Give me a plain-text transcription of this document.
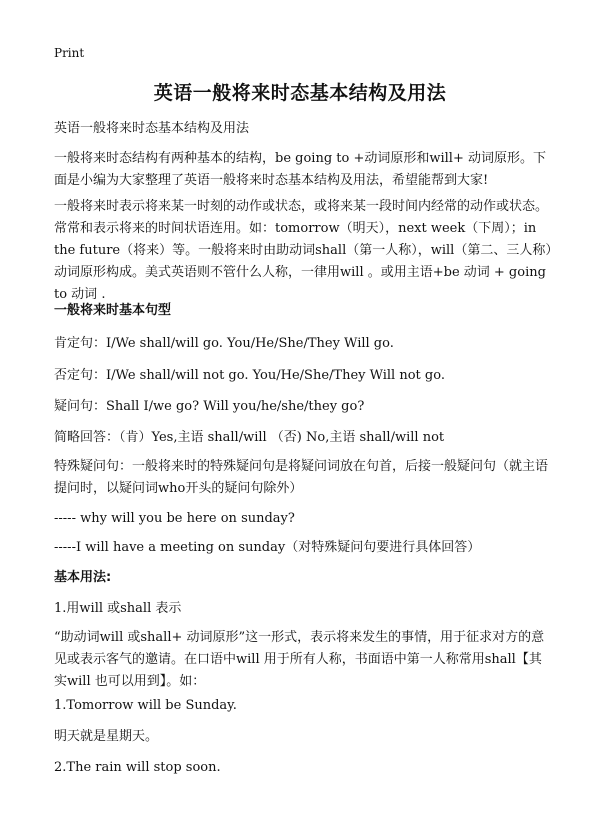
Print
英语一般将来时态基本结构及用法
英语一般将来时态基本结构及用法
一般将来时态结构有两种基本的结构，be going to +动词原形和will+ 动词原形。下面是小编为大家整理了英语一般将来时态基本结构及用法，希望能帮到大家!
一般将来时表示将来某一时刻的动作或状态，或将来某一段时间内经常的动作或状态。常常和表示将来的时间状语连用。如：tomorrow（明天），next week（下周）；in the future（将来）等。一般将来时由助动词shall（第一人称），will（第二、三人称）动词原形构成。美式英语则不管什么人称，一律用will 。或用主语+be 动词 + going to 动词 .
一般将来时基本句型
肯定句：I/We shall/will go. You/He/She/They Will go.
否定句：I/We shall/will not go. You/He/She/They Will not go.
疑问句：Shall I/we go? Will you/he/she/they go?
简略回答：（肯）Yes,主语 shall/will （否) No,主语 shall/will not
特殊疑问句：一般将来时的特殊疑问句是将疑问词放在句首，后接一般疑问句（就主语提问时，以疑问词who开头的疑问句除外）
----- why will you be here on sunday?
-----I will have a meeting on sunday（对特殊疑问句要进行具体回答）
基本用法:
1.用will 或shall 表示
“助动词will 或shall+ 动词原形”这一形式，表示将来发生的事情，用于征求对方的意见或表示客气的邀请。在口语中will 用于所有人称，书面语中第一人称常用shall【其实will 也可以用到】。如：
1.Tomorrow will be Sunday.
明天就是星期天。
2.The rain will stop soon.
